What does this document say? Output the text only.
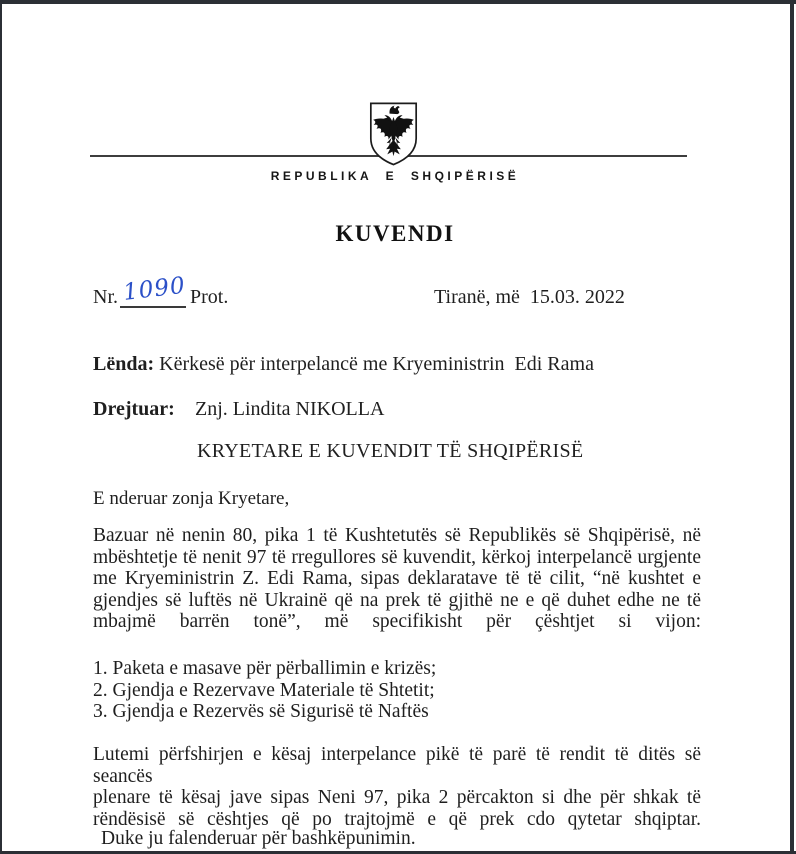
REPUBLIKA E SHQIPËRISË
KUVENDI
Nr. 1090 Prot.	Tiranë, më  15.03. 2022
Lënda: Kërkesë për interpelancë me Kryeministrin  Edi Rama
Drejtuar: Znj. Lindita NIKOLLA
KRYETARE E KUVENDIT TË SHQIPËRISË
E nderuar zonja Kryetare,
Bazuar në nenin 80, pika 1 të Kushtetutës së Republikës së Shqipërisë, në
mbështetje të nenit 97 të rregullores së kuvendit, kërkoj interpelancë urgjente
me Kryeministrin Z. Edi Rama, sipas deklaratave të të cilit, “në kushtet e
gjendjes së luftës në Ukrainë që na prek të gjithë ne e që duhet edhe ne të
mbajmë barrën tonë”, më specifikisht për çështjet si vijon:
1. Paketa e masave për përballimin e krizës;
2. Gjendja e Rezervave Materiale të Shtetit;
3. Gjendja e Rezervës së Sigurisë të Naftës
Lutemi përfshirjen e kësaj interpelance pikë të parë të rendit të ditës së seancës
plenare të kësaj jave sipas Neni 97, pika 2 përcakton si dhe për shkak të
rëndësisë së cështjes që po trajtojmë e që prek cdo qytetar shqiptar.
Duke ju falenderuar për bashkëpunimin.
